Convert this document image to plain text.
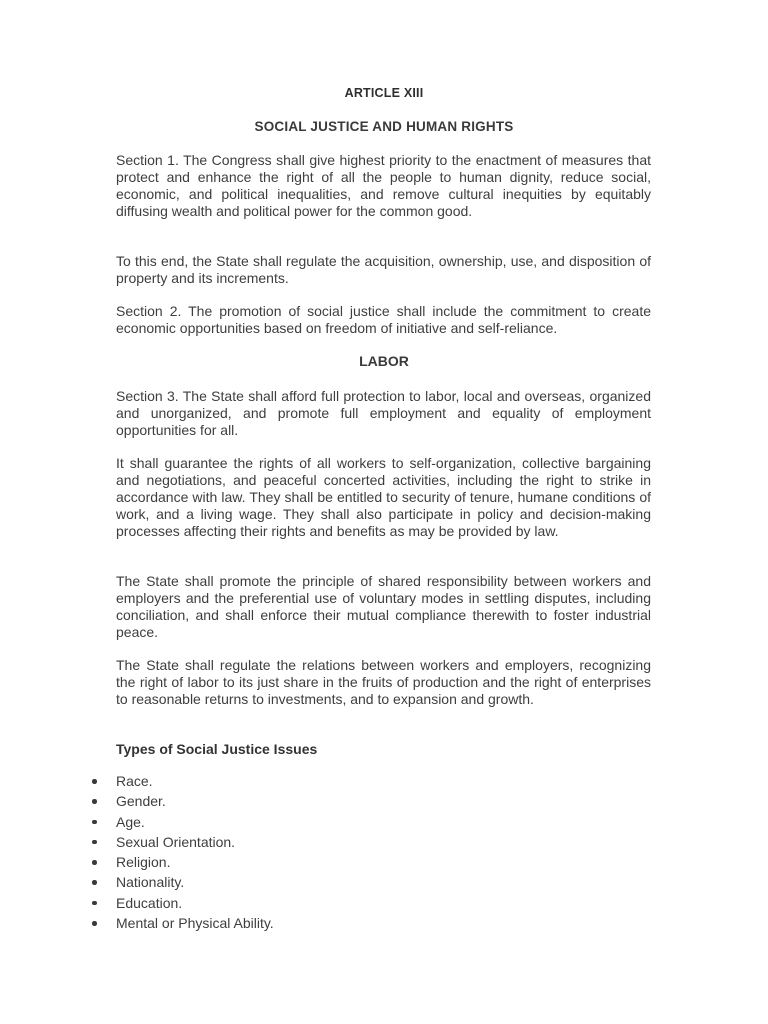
ARTICLE XIII
SOCIAL JUSTICE AND HUMAN RIGHTS

Section 1. The Congress shall give highest priority to the enactment of measures that protect and enhance the right of all the people to human dignity, reduce social, economic, and political inequalities, and remove cultural inequities by equitably diffusing wealth and political power for the common good.

To this end, the State shall regulate the acquisition, ownership, use, and disposition of property and its increments.

Section 2. The promotion of social justice shall include the commitment to create economic opportunities based on freedom of initiative and self-reliance.

LABOR

Section 3. The State shall afford full protection to labor, local and overseas, organized and unorganized, and promote full employment and equality of employment opportunities for all.

It shall guarantee the rights of all workers to self-organization, collective bargaining and negotiations, and peaceful concerted activities, including the right to strike in accordance with law. They shall be entitled to security of tenure, humane conditions of work, and a living wage. They shall also participate in policy and decision-making processes affecting their rights and benefits as may be provided by law.

The State shall promote the principle of shared responsibility between workers and employers and the preferential use of voluntary modes in settling disputes, including conciliation, and shall enforce their mutual compliance therewith to foster industrial peace.

The State shall regulate the relations between workers and employers, recognizing the right of labor to its just share in the fruits of production and the right of enterprises to reasonable returns to investments, and to expansion and growth.

Types of Social Justice Issues
Race.
Gender.
Age.
Sexual Orientation.
Religion.
Nationality.
Education.
Mental or Physical Ability.
